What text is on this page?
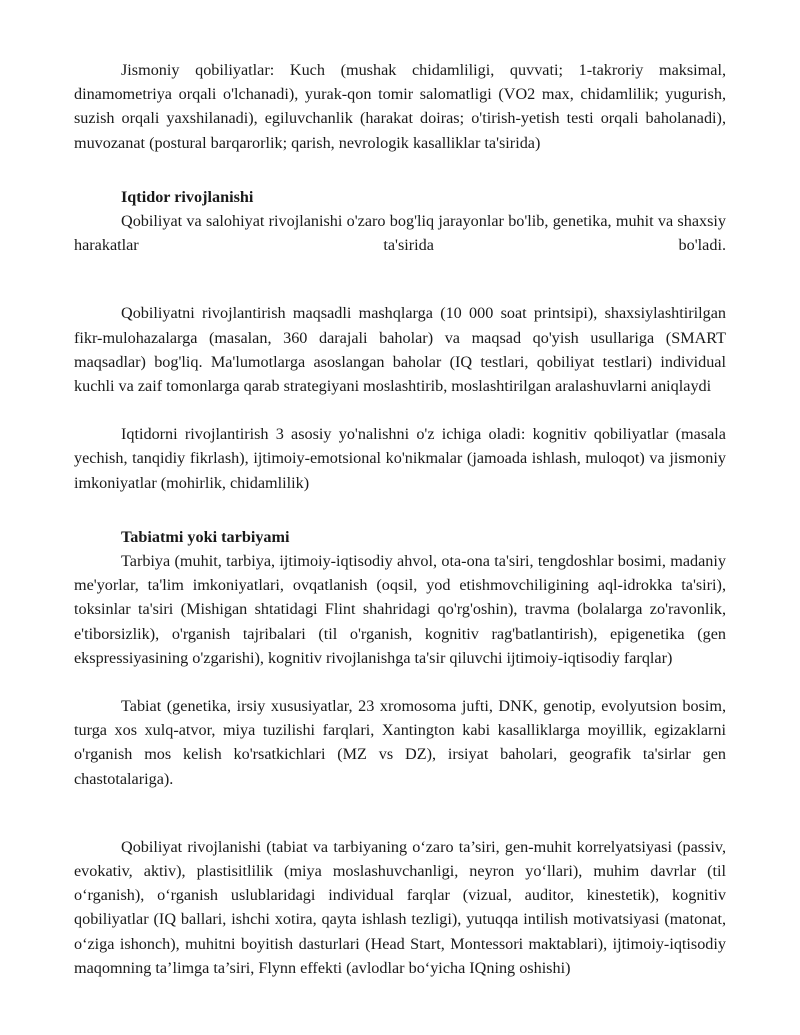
Jismoniy qobiliyatlar: Kuch (mushak chidamliligi, quvvati; 1-takroriy maksimal, dinamometriya orqali o'lchanadi), yurak-qon tomir salomatligi (VO2 max, chidamlilik; yugurish, suzish orqali yaxshilanadi), egiluvchanlik (harakat doiras; o'tirish-yetish testi orqali baholanadi), muvozanat (postural barqarorlik; qarish, nevrologik kasalliklar ta'sirida)

Iqtidor rivojlanishi

Qobiliyat va salohiyat rivojlanishi o'zaro bog'liq jarayonlar bo'lib, genetika, muhit va shaxsiy harakatlar ta'sirida bo'ladi.

Qobiliyatni rivojlantirish maqsadli mashqlarga (10 000 soat printsipi), shaxsiylashtirilgan fikr-mulohazalarga (masalan, 360 darajali baholar) va maqsad qo'yish usullariga (SMART maqsadlar) bog'liq. Ma'lumotlarga asoslangan baholar (IQ testlari, qobiliyat testlari) individual kuchli va zaif tomonlarga qarab strategiyani moslashtirib, moslashtirilgan aralashuvlarni aniqlaydi

Iqtidorni rivojlantirish 3 asosiy yo'nalishni o'z ichiga oladi: kognitiv qobiliyatlar (masala yechish, tanqidiy fikrlash), ijtimoiy-emotsional ko'nikmalar (jamoada ishlash, muloqot) va jismoniy imkoniyatlar (mohirlik, chidamlilik)

Tabiatmi yoki tarbiyami

Tarbiya (muhit, tarbiya, ijtimoiy-iqtisodiy ahvol, ota-ona ta'siri, tengdoshlar bosimi, madaniy me'yorlar, ta'lim imkoniyatlari, ovqatlanish (oqsil, yod etishmovchiligining aql-idrokka ta'siri), toksinlar ta'siri (Mishigan shtatidagi Flint shahridagi qo'rg'oshin), travma (bolalarga zo'ravonlik, e'tiborsizlik), o'rganish tajribalari (til o'rganish, kognitiv rag'batlantirish), epigenetika (gen ekspressiyasining o'zgarishi), kognitiv rivojlanishga ta'sir qiluvchi ijtimoiy-iqtisodiy farqlar)

Tabiat (genetika, irsiy xususiyatlar, 23 xromosoma jufti, DNK, genotip, evolyutsion bosim, turga xos xulq-atvor, miya tuzilishi farqlari, Xantington kabi kasalliklarga moyillik, egizaklarni o'rganish mos kelish ko'rsatkichlari (MZ vs DZ), irsiyat baholari, geografik ta'sirlar gen chastotalariga).

Qobiliyat rivojlanishi (tabiat va tarbiyaning o‘zaro ta’siri, gen-muhit korrelyatsiyasi (passiv, evokativ, aktiv), plastisitlilik (miya moslashuvchanligi, neyron yo‘llari), muhim davrlar (til o‘rganish), o‘rganish uslublaridagi individual farqlar (vizual, auditor, kinestetik), kognitiv qobiliyatlar (IQ ballari, ishchi xotira, qayta ishlash tezligi), yutuqqa intilish motivatsiyasi (matonat, o‘ziga ishonch), muhitni boyitish dasturlari (Head Start, Montessori maktablari), ijtimoiy-iqtisodiy maqomning ta’limga ta’siri, Flynn effekti (avlodlar bo‘yicha IQning oshishi)
